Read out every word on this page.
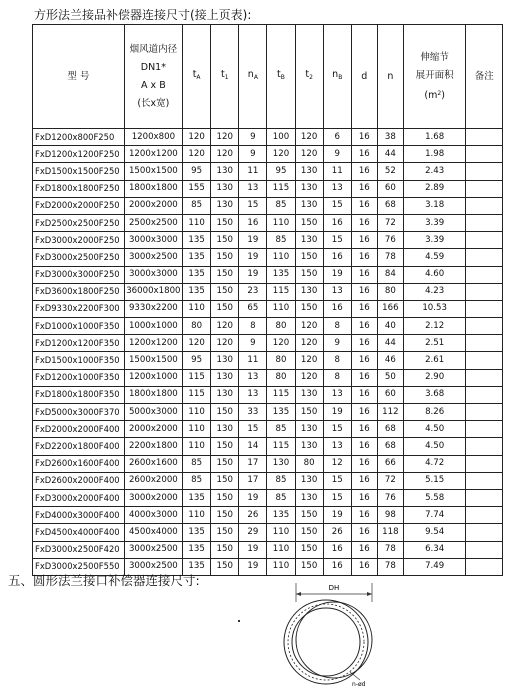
方形法兰接品补偿器连接尺寸(接上页表):
型 号	烟风道内径
DN1*
A x B
(长x宽)	$t_A$	$t_1$	$n_A$	$t_B$	$t_2$	$n_B$	d	n	伸缩节
展开面积
$(m^2)$	备注
FxD1200x800F250	1200x800	120	120	9	100	120	6	16	38	1.68	
FxD1200x1200F250	1200x1200	120	120	9	120	120	9	16	44	1.98	
FxD1500x1500F250	1500x1500	95	130	11	95	130	11	16	52	2.43	
FxD1800x1800F250	1800x1800	155	130	13	115	130	13	16	60	2.89	
FxD2000x2000F250	2000x2000	85	130	15	85	130	15	16	68	3.18	
FxD2500x2500F250	2500x2500	110	150	16	110	150	16	16	72	3.39	
FxD3000x2000F250	3000x3000	135	150	19	85	130	15	16	76	3.39	
FxD3000x2500F250	3000x2500	135	150	19	110	150	16	16	78	4.59	
FxD3000x3000F250	3000x3000	135	150	19	135	150	19	16	84	4.60	
FxD3600x1800F250	36000x1800	135	150	23	115	130	13	16	80	4.23	
FxD9330x2200F300	9330x2200	110	150	65	110	150	16	16	166	10.53	
FxD1000x1000F350	1000x1000	80	120	8	80	120	8	16	40	2.12	
FxD1200x1200F350	1200x1200	120	120	9	120	120	9	16	44	2.51	
FxD1500x1000F350	1500x1500	95	130	11	80	120	8	16	46	2.61	
FxD1200x1000F350	1200x1000	115	130	13	80	120	8	16	50	2.90	
FxD1800x1800F350	1800x1800	115	130	13	115	130	13	16	60	3.68	
FxD5000x3000F370	5000x3000	110	150	33	135	150	19	16	112	8.26	
FxD2000x2000F400	2000x2000	110	130	15	85	130	15	16	68	4.50	
FxD2200x1800F400	2200x1800	110	150	14	115	130	13	16	68	4.50	
FxD2600x1600F400	2600x1600	85	150	17	130	80	12	16	66	4.72	
FxD2600x2000F400	2600x2000	85	150	17	85	130	15	16	72	5.15	
FxD3000x2000F400	3000x2000	135	150	19	85	130	15	16	76	5.58	
FxD4000x3000F400	4000x3000	110	150	26	135	150	19	16	98	7.74	
FxD4500x4000F400	4500x4000	135	150	29	110	150	26	16	118	9.54	
FxD3000x2500F420	3000x2500	135	150	19	110	150	16	16	78	6.34	
FxD3000x2500F550	3000x2500	135	150	19	110	150	16	16	78	7.49	
五、圆形法兰接口补偿器连接尺寸:	DH
n-ød
